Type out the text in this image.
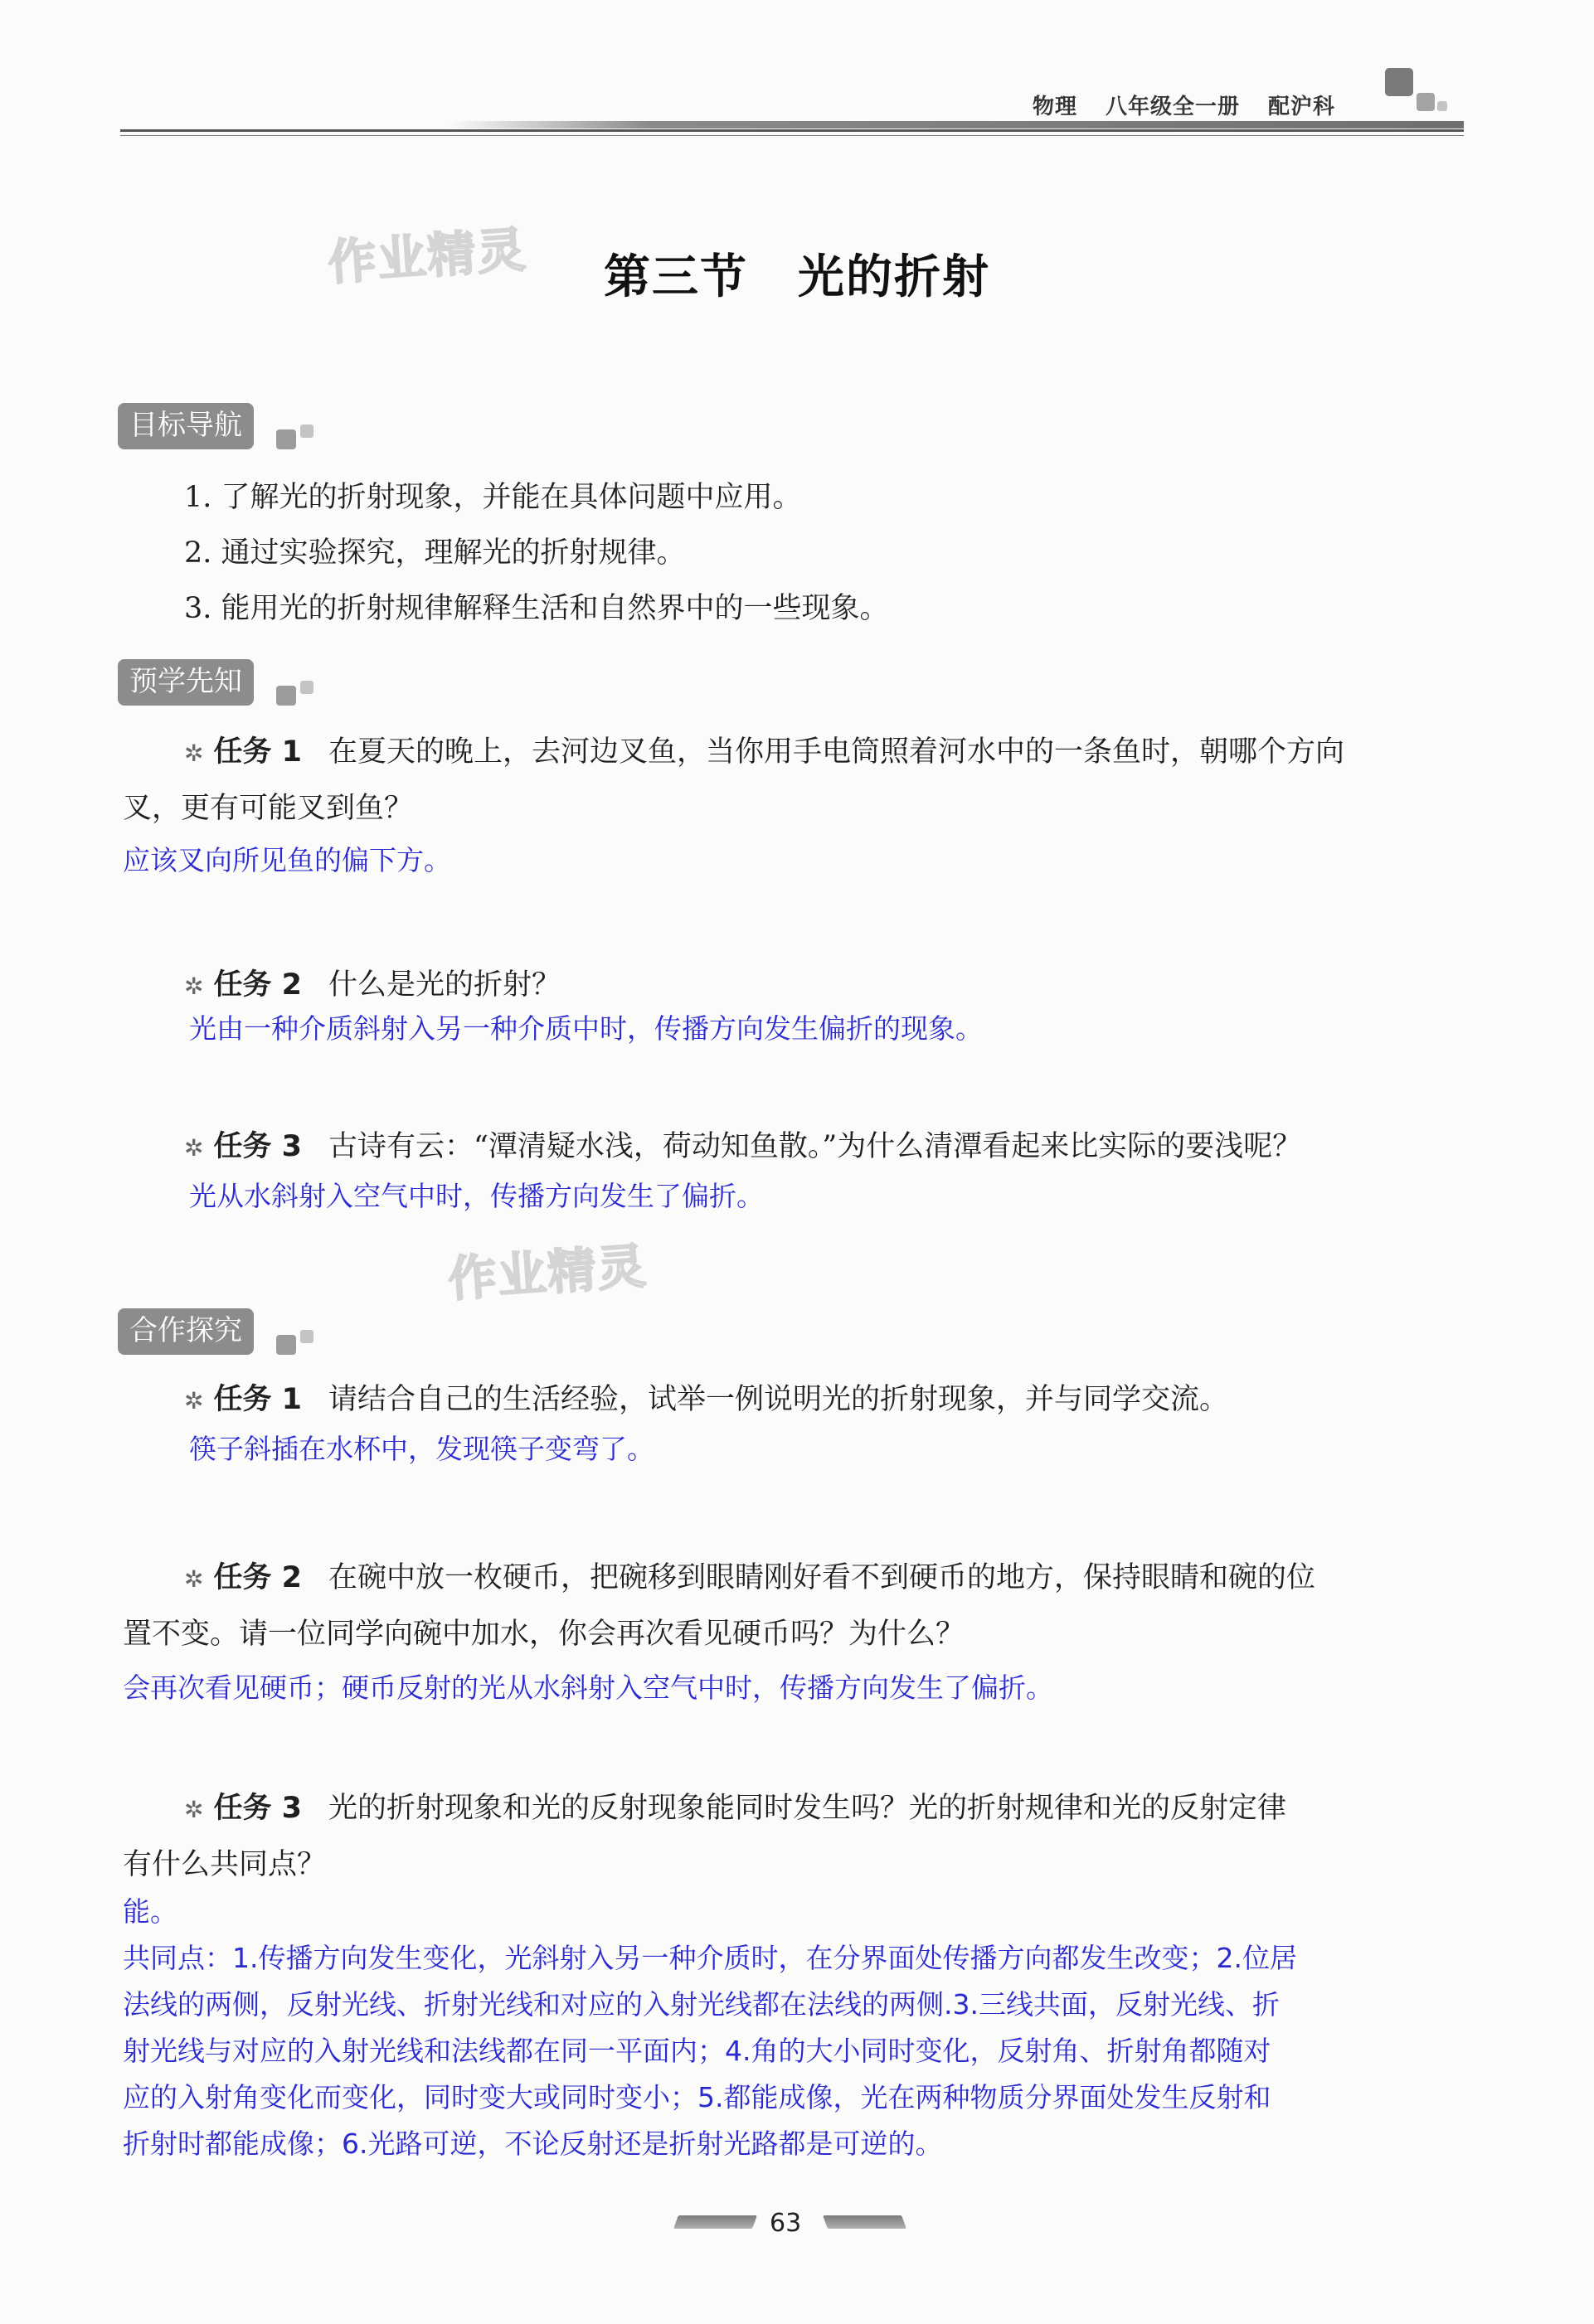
物理 八年级全一册 配沪科
作业精灵
作业精灵
第三节 光的折射
目标导航
1. 了解光的折射现象，并能在具体问题中应用。
2. 通过实验探究，理解光的折射规律。
3. 能用光的折射规律解释生活和自然界中的一些现象。
预学先知
✲ 任务 1 在夏天的晚上，去河边叉鱼，当你用手电筒照着河水中的一条鱼时，朝哪个方向
叉，更有可能叉到鱼？
应该叉向所见鱼的偏下方。
✲ 任务 2 什么是光的折射？
光由一种介质斜射入另一种介质中时，传播方向发生偏折的现象。
✲ 任务 3 古诗有云：“潭清疑水浅，荷动知鱼散。”为什么清潭看起来比实际的要浅呢？
光从水斜射入空气中时，传播方向发生了偏折。
合作探究
✲ 任务 1 请结合自己的生活经验，试举一例说明光的折射现象，并与同学交流。
筷子斜插在水杯中，发现筷子变弯了。
✲ 任务 2 在碗中放一枚硬币，把碗移到眼睛刚好看不到硬币的地方，保持眼睛和碗的位
置不变。请一位同学向碗中加水，你会再次看见硬币吗？为什么？
会再次看见硬币；硬币反射的光从水斜射入空气中时，传播方向发生了偏折。
✲ 任务 3 光的折射现象和光的反射现象能同时发生吗？光的折射规律和光的反射定律
有什么共同点？
能。
共同点：1.传播方向发生变化，光斜射入另一种介质时，在分界面处传播方向都发生改变；2.位居
法线的两侧，反射光线、折射光线和对应的入射光线都在法线的两侧.3.三线共面，反射光线、折
射光线与对应的入射光线和法线都在同一平面内；4.角的大小同时变化，反射角、折射角都随对
应的入射角变化而变化，同时变大或同时变小；5.都能成像，光在两种物质分界面处发生反射和
折射时都能成像；6.光路可逆，不论反射还是折射光路都是可逆的。
63
